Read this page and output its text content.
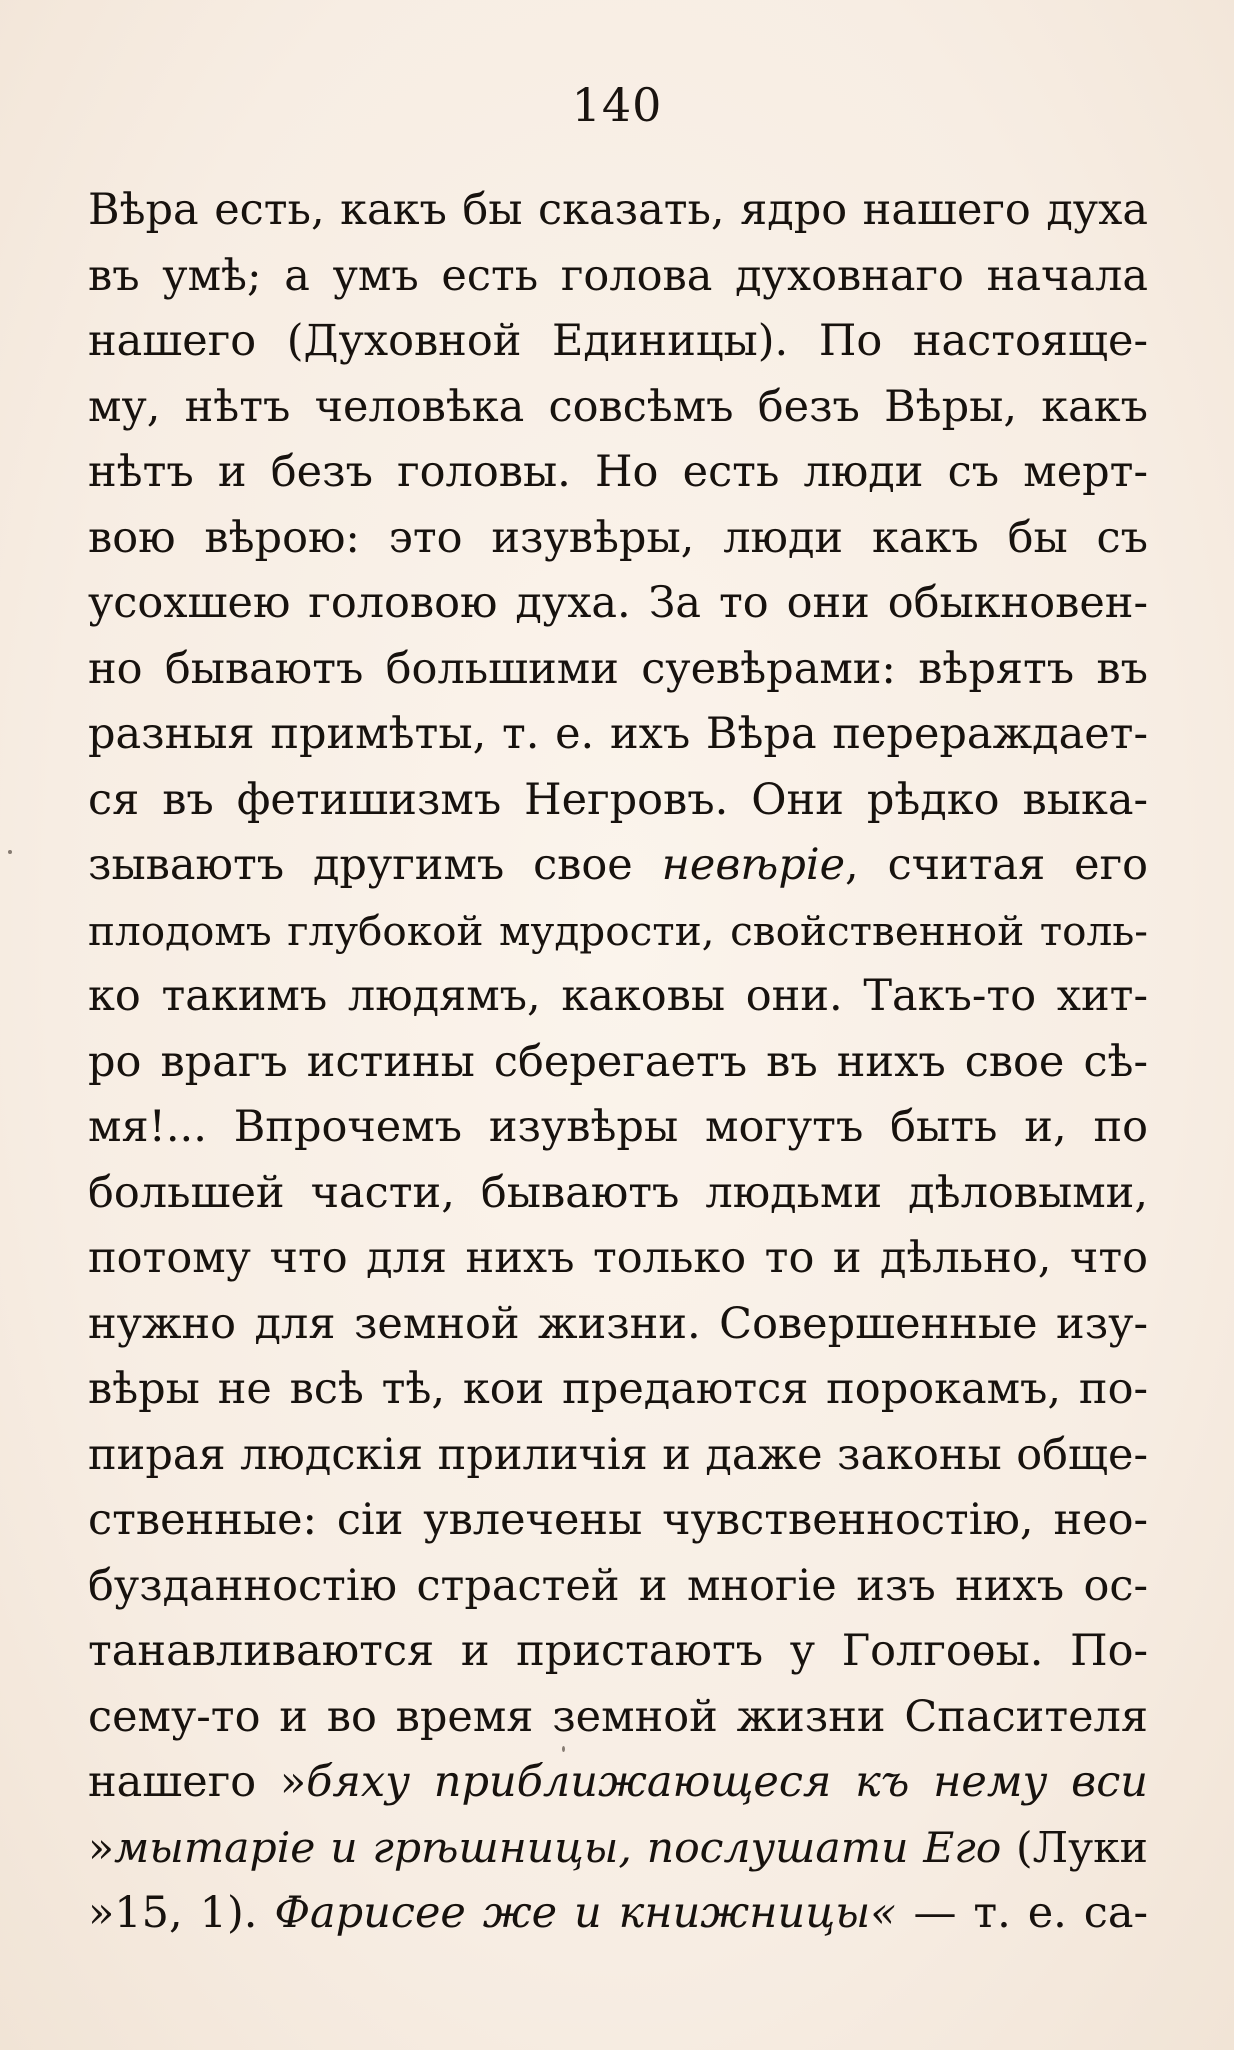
140
Вѣра есть, какъ бы сказать, ядро нашего духа
въ умѣ; а умъ есть голова духовнаго начала
нашего (Духовной Единицы). По настояще-
му, нѣтъ человѣка совсѣмъ безъ Вѣры, какъ
нѣтъ и безъ головы. Но есть люди съ мерт-
вою вѣрою: это изувѣры, люди какъ бы съ
усохшею головою духа. За то они обыкновен-
но бываютъ большими суевѣрами: вѣрятъ въ
разныя примѣты, т. е. ихъ Вѣра перераждает-
ся въ фетишизмъ Негровъ. Они рѣдко выка-
зываютъ другимъ свое невѣріе, считая его
плодомъ глубокой мудрости, свойственной толь-
ко такимъ людямъ, каковы они. Такъ-то хит-
ро врагъ истины сберегаетъ въ нихъ свое сѣ-
мя!... Впрочемъ изувѣры могутъ быть и, по
большей части, бываютъ людьми дѣловыми,
потому что для нихъ только то и дѣльно, что
нужно для земной жизни. Совершенные изу-
вѣры не всѣ тѣ, кои предаются порокамъ, по-
пирая людскія приличія и даже законы обще-
ственные: сіи увлечены чувственностію, нео-
бузданностію страстей и многіе изъ нихъ ос-
танавливаются и пристаютъ у Голгоѳы. По-
сему-то и во время земной жизни Спасителя
нашего »бяху приближающеся къ нему вси
»мытаріе и грѣшницы, послушати Его (Луки
»15, 1). Фарисее же и книжницы« — т. е. са-
